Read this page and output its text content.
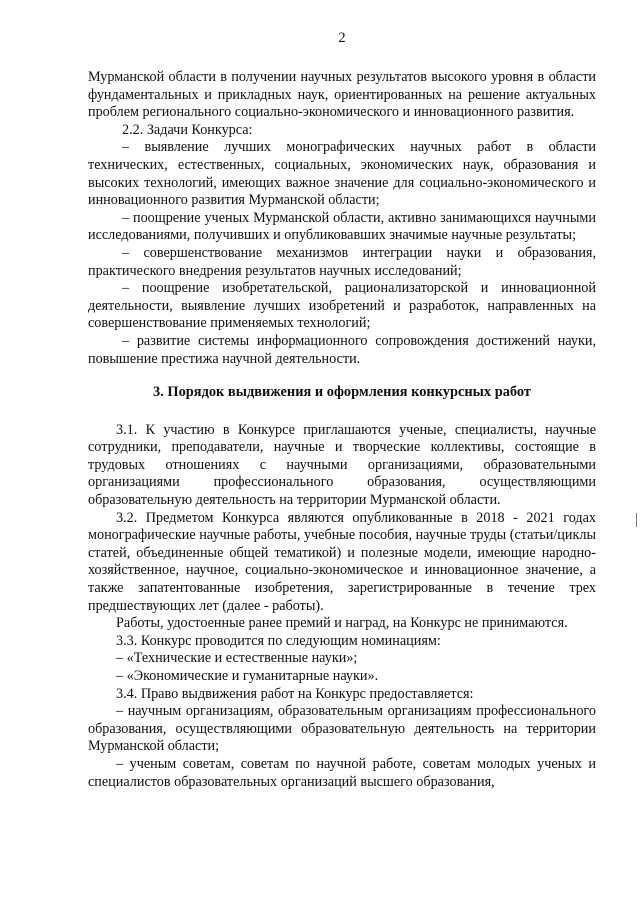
2

Мурманской области в получении научных результатов высокого уровня в области фундаментальных и прикладных наук, ориентированных на решение актуальных проблем регионального социально-экономического и инновационного развития.

2.2. Задачи Конкурса:

– выявление лучших монографических научных работ в области технических, естественных, социальных, экономических наук, образования и высоких технологий, имеющих важное значение для социально-экономического и инновационного развития Мурманской области;

– поощрение ученых Мурманской области, активно занимающихся научными исследованиями, получивших и опубликовавших значимые научные результаты;

– совершенствование механизмов интеграции науки и образования, практического внедрения результатов научных исследований;

– поощрение изобретательской, рационализаторской и инновационной деятельности, выявление лучших изобретений и разработок, направленных на совершенствование применяемых технологий;

– развитие системы информационного сопровождения достижений науки, повышение престижа научной деятельности.

3. Порядок выдвижения и оформления конкурсных работ

3.1. К участию в Конкурсе приглашаются ученые, специалисты, научные сотрудники, преподаватели, научные и творческие коллективы, состоящие в трудовых отношениях с научными организациями, образовательными организациями профессионального образования, осуществляющими образовательную деятельность на территории Мурманской области.

3.2. Предметом Конкурса являются опубликованные в 2018 - 2021 годах монографические научные работы, учебные пособия, научные труды (статьи/циклы статей, объединенные общей тематикой) и полезные модели, имеющие народно-хозяйственное, научное, социально-экономическое и инновационное значение, а также запатентованные изобретения, зарегистрированные в течение трех предшествующих лет (далее - работы).

Работы, удостоенные ранее премий и наград, на Конкурс не принимаются.

3.3. Конкурс проводится по следующим номинациям:

– «Технические и естественные науки»;

– «Экономические и гуманитарные науки».

3.4. Право выдвижения работ на Конкурс предоставляется:

– научным организациям, образовательным организациям профессионального образования, осуществляющими образовательную деятельность на территории Мурманской области;

– ученым советам, советам по научной работе, советам молодых ученых и специалистов образовательных организаций высшего образования,
